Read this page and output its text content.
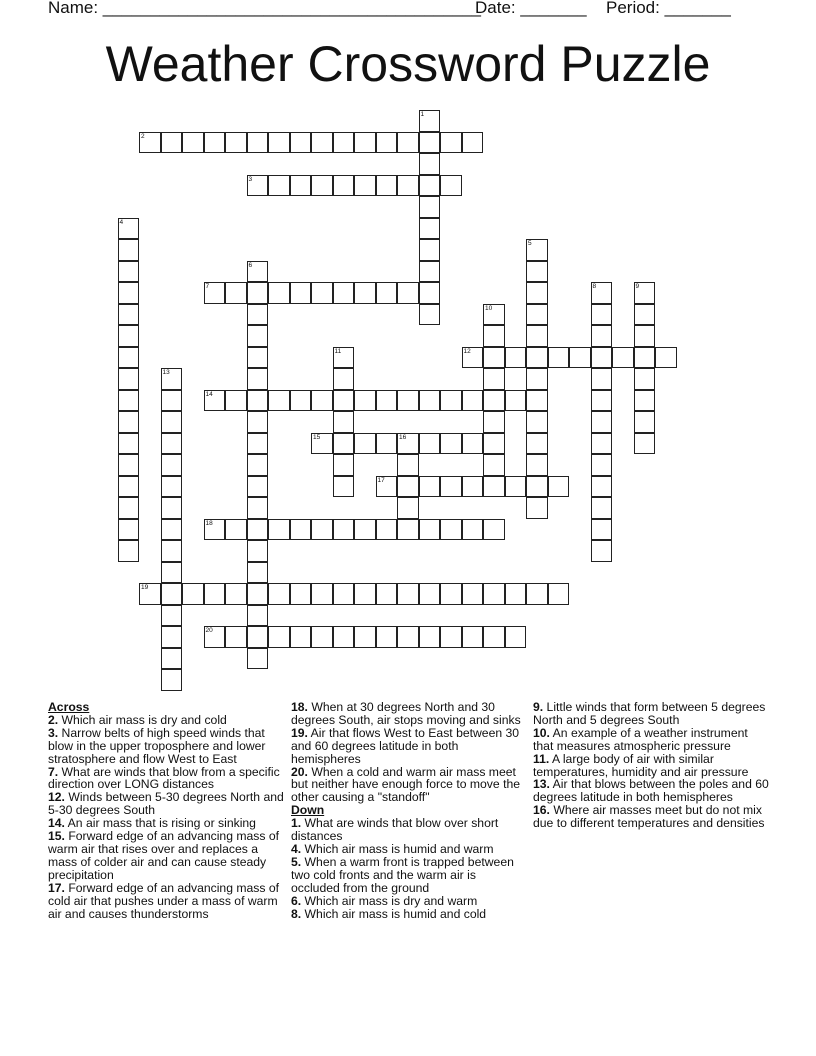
Name: ________________________________________
Date: _______ Period: _______
Weather Crossword Puzzle
1
2
3
4
5
6
7	8	9
10
11	12
13
14
15	16
17
18
19
20
Across
2. Which air mass is dry and cold
3. Narrow belts of high speed winds that blow in the upper troposphere and lower stratosphere and flow West to East
7. What are winds that blow from a specific direction over LONG distances
12. Winds between 5-30 degrees North and 5-30 degrees South
14. An air mass that is rising or sinking
15. Forward edge of an advancing mass of warm air that rises over and replaces a mass of colder air and can cause steady precipitation
17. Forward edge of an advancing mass of cold air that pushes under a mass of warm air and causes thunderstorms
18. When at 30 degrees North and 30 degrees South, air stops moving and sinks
19. Air that flows West to East between 30 and 60 degrees latitude in both hemispheres
20. When a cold and warm air mass meet but neither have enough force to move the other causing a "standoff"
Down
1. What are winds that blow over short distances
4. Which air mass is humid and warm
5. When a warm front is trapped between two cold fronts and the warm air is occluded from the ground
6. Which air mass is dry and warm
8. Which air mass is humid and cold
9. Little winds that form between 5 degrees North and 5 degrees South
10. An example of a weather instrument that measures atmospheric pressure
11. A large body of air with similar temperatures, humidity and air pressure
13. Air that blows between the poles and 60 degrees latitude in both hemispheres
16. Where air masses meet but do not mix due to different temperatures and densities
